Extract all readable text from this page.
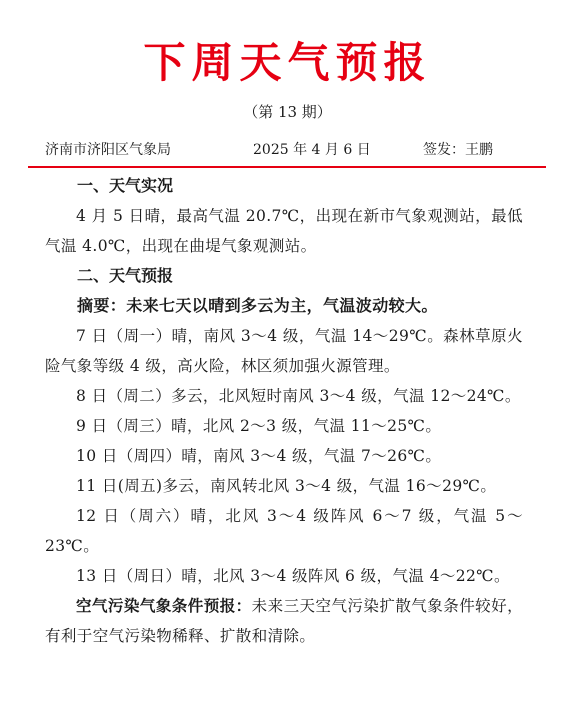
下周天气预报
（第 13 期）
济南市济阳区气象局	2025 年 4 月 6 日	签发：王鹏
一、天气实况

4 月 5 日晴，最高气温 20.7℃，出现在新市气象观测站，最低气温 4.0℃，出现在曲堤气象观测站。

二、天气预报

摘要：未来七天以晴到多云为主，气温波动较大。

7 日（周一）晴，南风 3～4 级，气温 14～29℃。森林草原火险气象等级 4 级，高火险，林区须加强火源管理。

8 日（周二）多云，北风短时南风 3～4 级，气温 12～24℃。

9 日（周三）晴，北风 2～3 级，气温 11～25℃。

10 日（周四）晴，南风 3～4 级，气温 7～26℃。

11 日(周五)多云，南风转北风 3～4 级，气温 16～29℃。

12 日（周六）晴，北风 3～4 级阵风 6～7 级，气温 5～23℃。

13 日（周日）晴，北风 3～4 级阵风 6 级，气温 4～22℃。

空气污染气象条件预报：未来三天空气污染扩散气象条件较好，有利于空气污染物稀释、扩散和清除。
